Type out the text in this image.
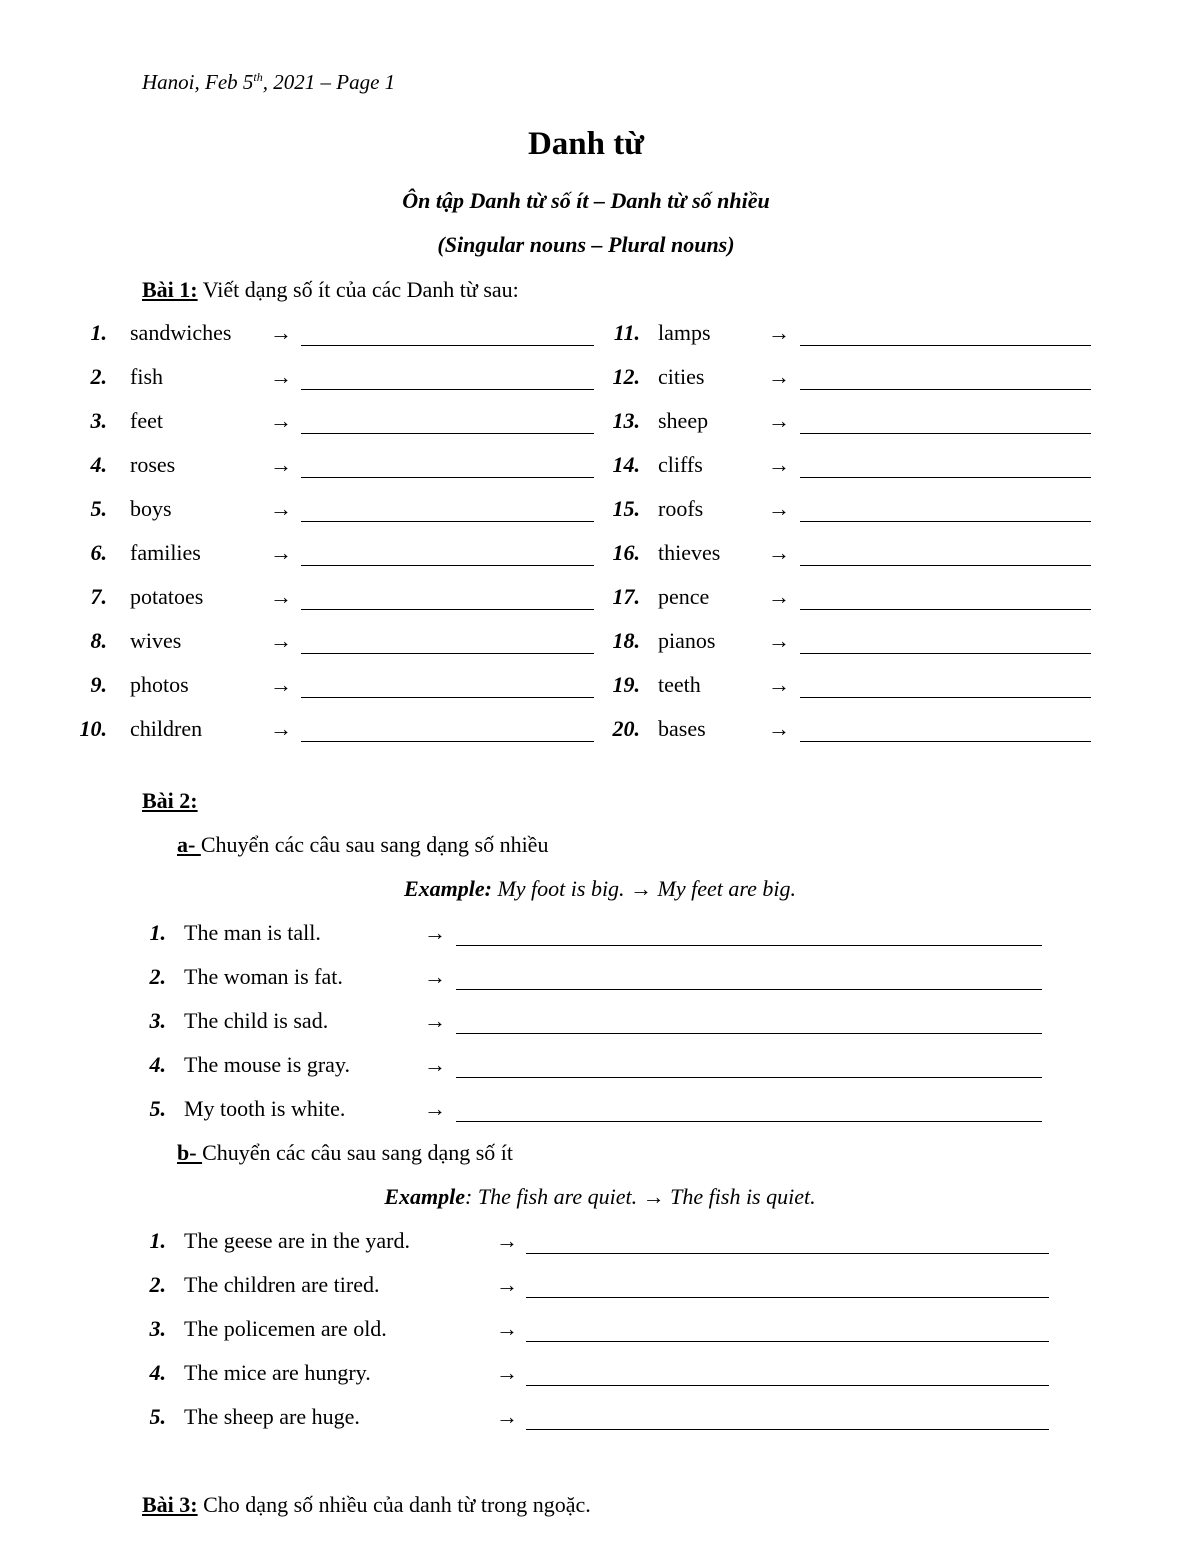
Hanoi, Feb 5th, 2021 – Page 1
Danh từ
Ôn tập Danh từ số ít – Danh từ số nhiều
(Singular nouns – Plural nouns)
Bài 1: Viết dạng số ít của các Danh từ sau:
1. sandwiches →
2. fish	→
3. feet	→
4. roses	→
5. boys	→
6. families	→
7. potatoes	→
8. wives	→
9. photos	→
10. children	→
11. lamps	→
12. cities	→
13. sheep	→
14. cliffs	→
15. roofs	→
16. thieves →
17. pence	→
18. pianos →
19. teeth	→
20. bases	→
Bài 2:
a- Chuyển các câu sau sang dạng số nhiều
Example: My foot is big. → My feet are big.
1. The man is tall.	→
2. The woman is fat.	→
3. The child is sad.	→
4. The mouse is gray.	→
5. My tooth is white.	→
b- Chuyển các câu sau sang dạng số ít
Example: The fish are quiet. → The fish is quiet.
1. The geese are in the yard.	→
2. The children are tired.	→
3. The policemen are old.	→
4. The mice are hungry.	→
5. The sheep are huge.	→
Bài 3: Cho dạng số nhiều của danh từ trong ngoặc.
